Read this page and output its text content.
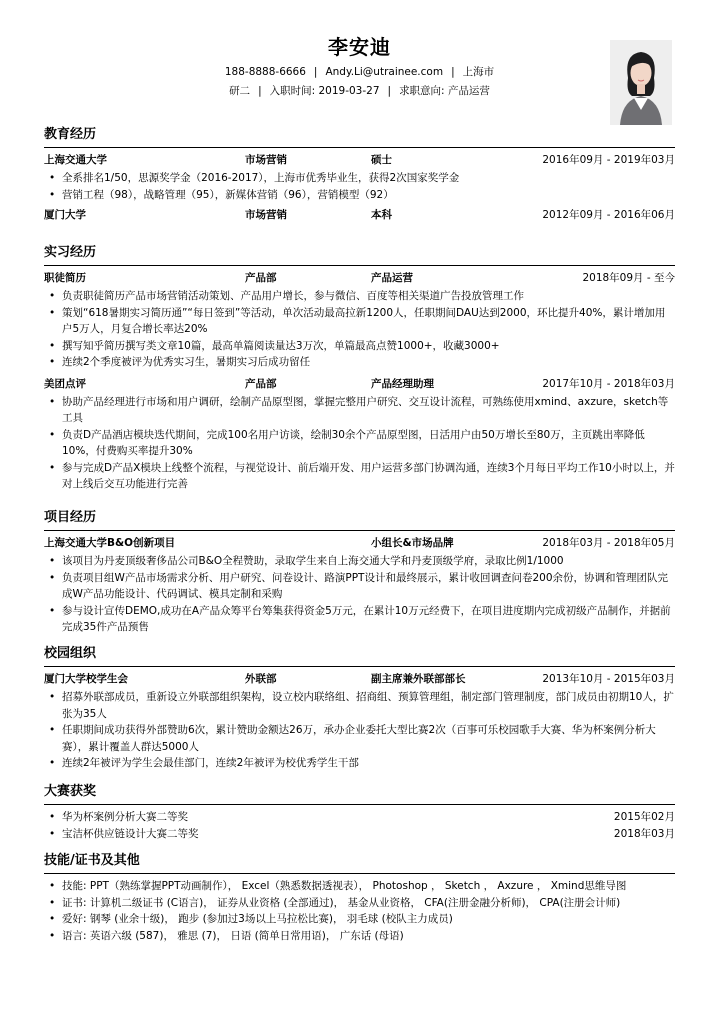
李安迪
188-8888-6666 | Andy.Li@utrainee.com | 上海市
研二 | 入职时间: 2019-03-27 | 求职意向: 产品运营
教育经历
上海交通大学	市场营销	硕士	2016年09月 - 2019年03月
• 全系排名1/50，思源奖学金（2016-2017），上海市优秀毕业生，获得2次国家奖学金
• 营销工程（98），战略管理（95），新媒体营销（96），营销模型（92）
厦门大学	市场营销	本科	2012年09月 - 2016年06月
实习经历
职徒简历	产品部	产品运营	2018年09月 - 至今
• 负责职徒简历产品市场营销活动策划、产品用户增长，参与微信、百度等相关渠道广告投放管理工作
• 策划“618暑期实习简历通”“每日签到”等活动，单次活动最高拉新1200人，任职期间DAU达到2000，环比提升40%，累计增加用户5万人，月复合增长率达20%
• 撰写知乎简历撰写类文章10篇，最高单篇阅读量达3万次，单篇最高点赞1000+，收藏3000+
• 连续2个季度被评为优秀实习生，暑期实习后成功留任
美团点评	产品部	产品经理助理	2017年10月 - 2018年03月
• 协助产品经理进行市场和用户调研，绘制产品原型图，掌握完整用户研究、交互设计流程，可熟练使用xmind、axzure，sketch等工具
• 负责D产品酒店模块迭代期间，完成100名用户访谈，绘制30余个产品原型图，日活用户由50万增长至80万，主页跳出率降低10%，付费购买率提升30%
• 参与完成D产品X模块上线整个流程，与视觉设计、前后端开发、用户运营多部门协调沟通，连续3个月每日平均工作10小时以上，并对上线后交互功能进行完善
项目经历
上海交通大学B&O创新项目	小组长&市场品牌	2018年03月 - 2018年05月
• 该项目为丹麦顶级奢侈品公司B&O全程赞助，录取学生来自上海交通大学和丹麦顶级学府，录取比例1/1000
• 负责项目组W产品市场需求分析、用户研究、问卷设计、路演PPT设计和最终展示，累计收回调查问卷200余份，协调和管理团队完成W产品功能设计、代码调试、模具定制和采购
• 参与设计宣传DEMO,成功在A产品众筹平台筹集获得资金5万元，在累计10万元经费下，在项目进度期内完成初级产品制作，并据前完成35件产品预售
校园组织
厦门大学校学生会	外联部	副主席兼外联部部长	2013年10月 - 2015年03月
• 招募外联部成员，重新设立外联部组织架构，设立校内联络组、招商组、预算管理组，制定部门管理制度，部门成员由初期10人，扩张为35人
• 任职期间成功获得外部赞助6次，累计赞助金额达26万，承办企业委托大型比赛2次（百事可乐校园歌手大赛、华为杯案例分析大赛），累计覆盖人群达5000人
• 连续2年被评为学生会最佳部门，连续2年被评为校优秀学生干部
大赛获奖
• 华为杯案例分析大赛二等奖	2015年02月
• 宝洁杯供应链设计大赛二等奖	2018年03月
技能/证书及其他
• 技能: PPT（熟练掌握PPT动画制作）， Excel（熟悉数据透视表）， Photoshop ， Sketch ， Axzure ， Xmind思维导图
• 证书: 计算机二级证书 (C语言)， 证券从业资格 (全部通过)， 基金从业资格， CFA(注册金融分析师)， CPA(注册会计师)
• 爱好: 钢琴 (业余十级)， 跑步 (参加过3场以上马拉松比赛)， 羽毛球 (校队主力成员)
• 语言: 英语六级 (587)， 雅思 (7)， 日语 (简单日常用语)， 广东话 (母语)
